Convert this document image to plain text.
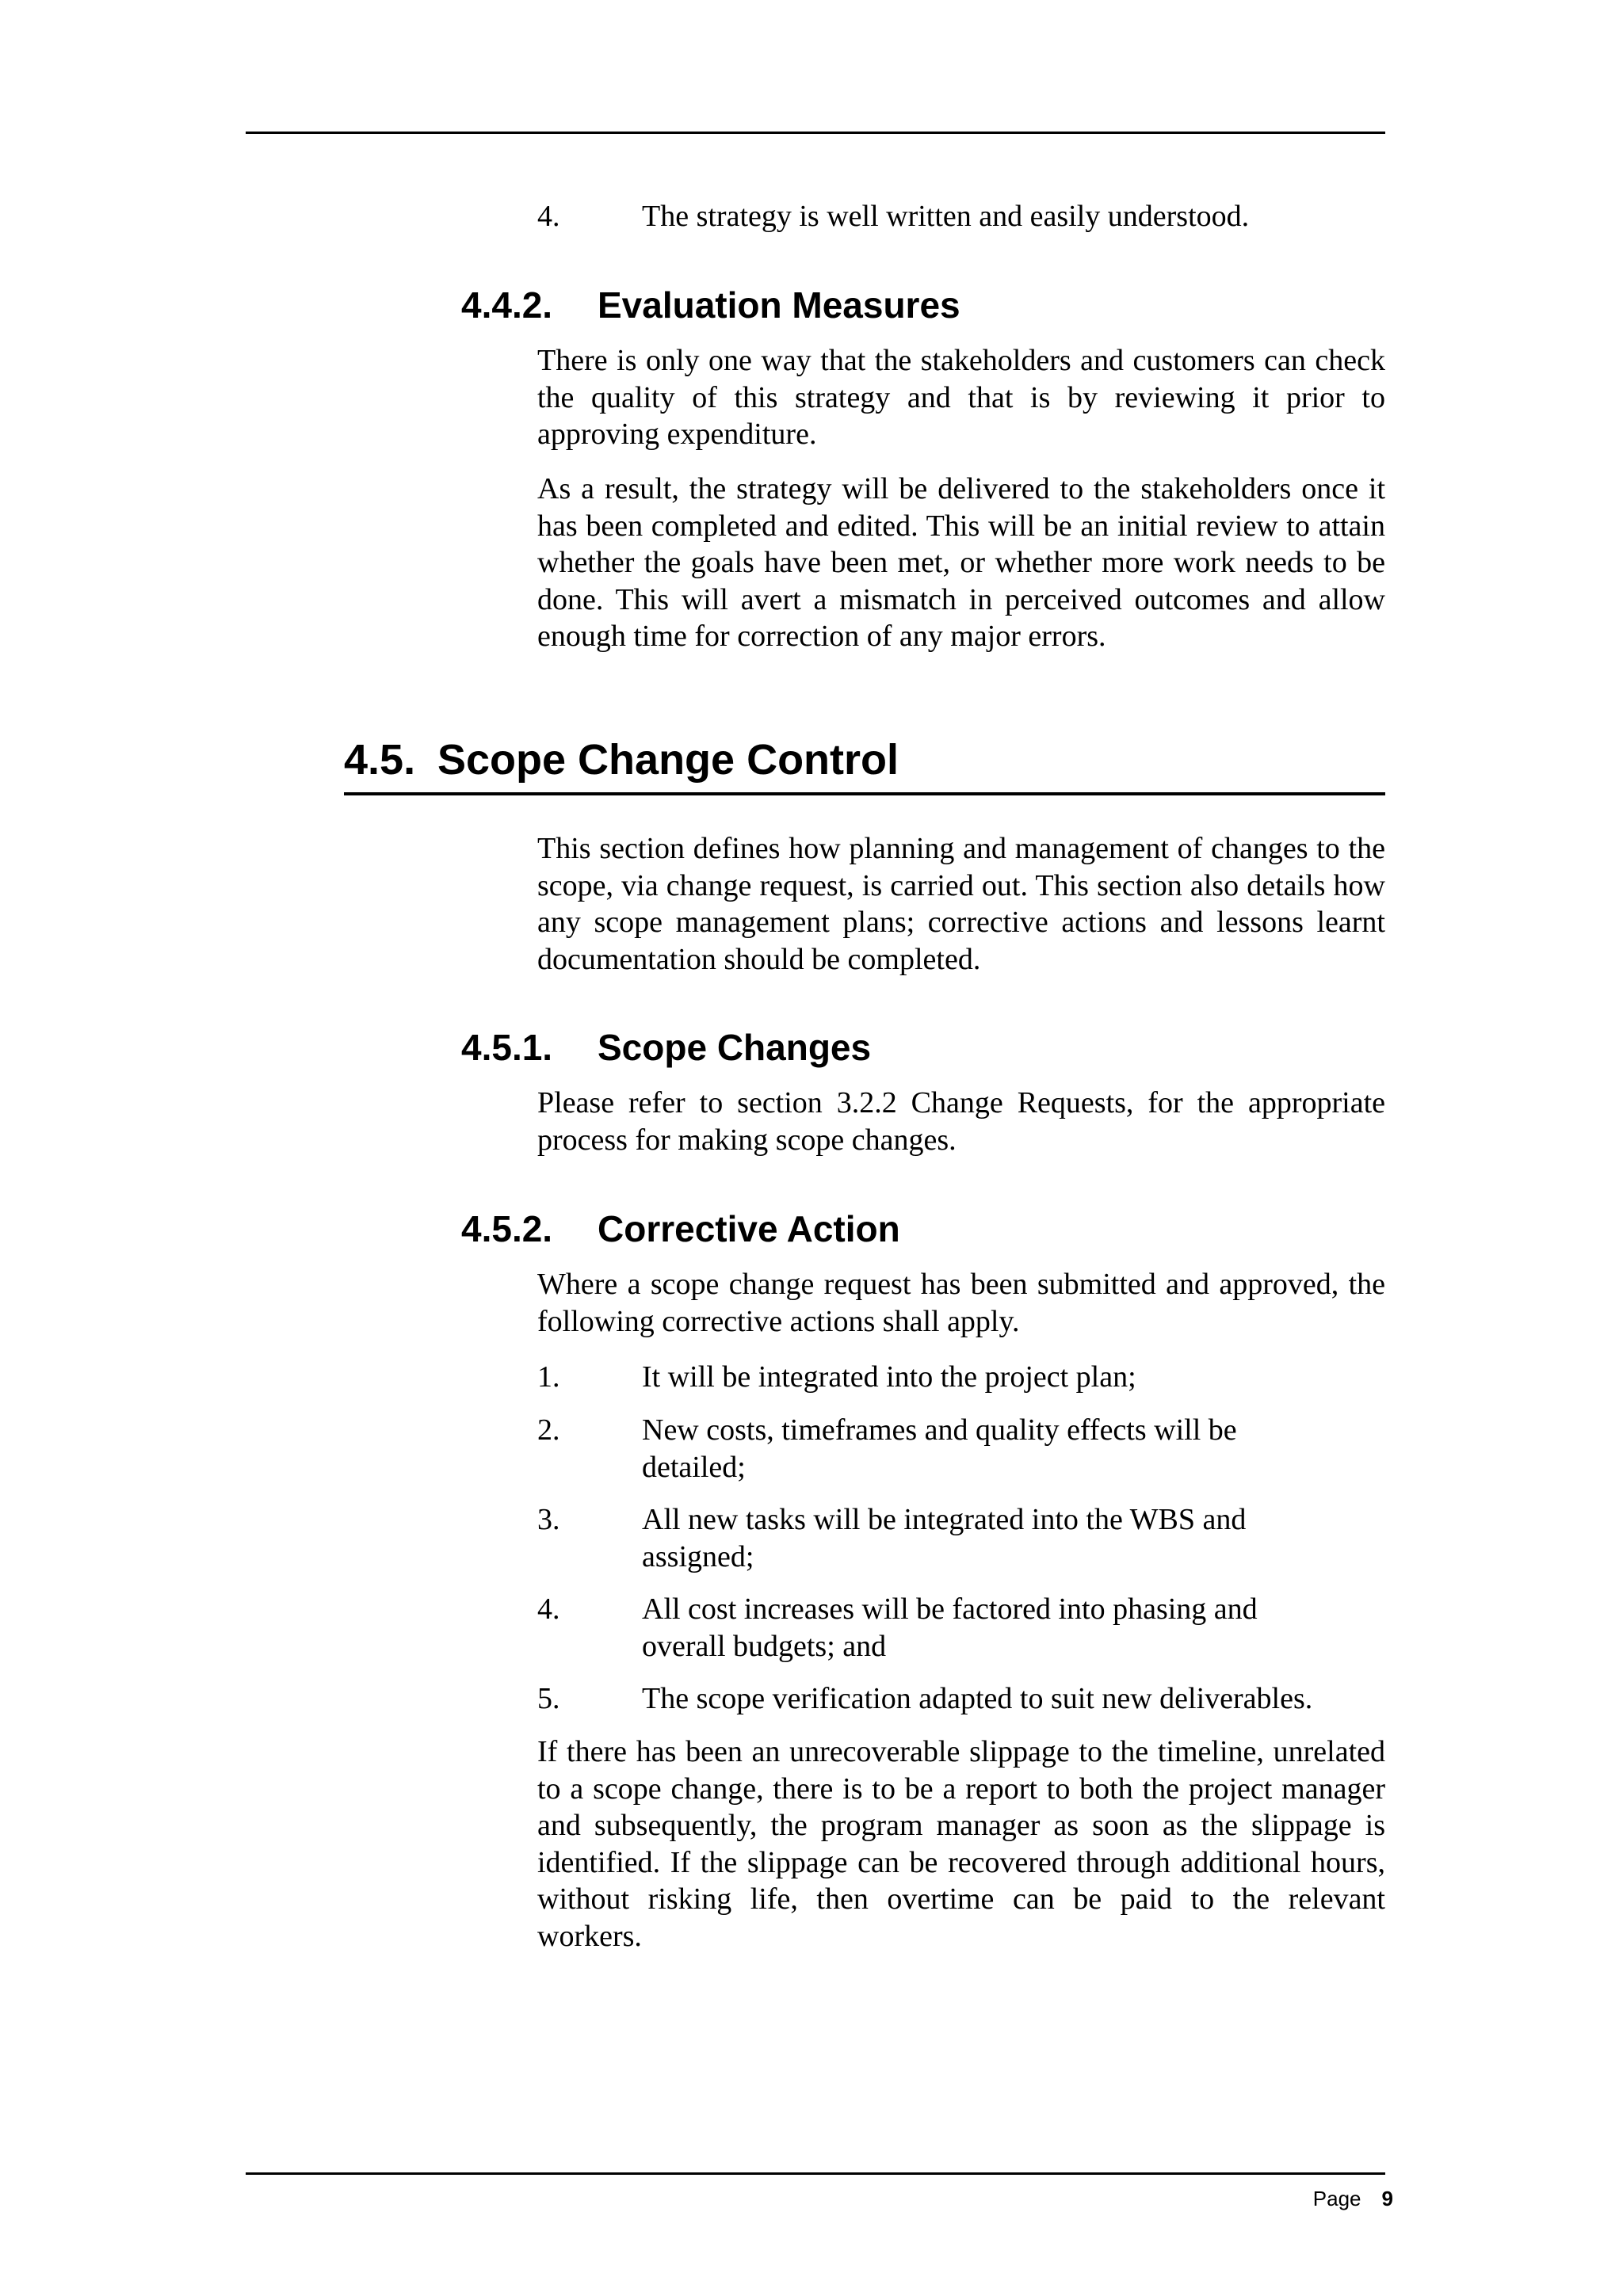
4.	The strategy is well written and easily understood.
4.4.2. Evaluation Measures

There is only one way that the stakeholders and customers can check the quality of this strategy and that is by reviewing it prior to approving expenditure.

As a result, the strategy will be delivered to the stakeholders once it has been completed and edited. This will be an initial review to attain whether the goals have been met, or whether more work needs to be done. This will avert a mismatch in perceived outcomes and allow enough time for correction of any major errors.

4.5. Scope Change Control

This section defines how planning and management of changes to the scope, via change request, is carried out. This section also details how any scope management plans; corrective actions and lessons learnt documentation should be completed.

4.5.1. Scope Changes

Please refer to section 3.2.2 Change Requests, for the appropriate process for making scope changes.

4.5.2. Corrective Action

Where a scope change request has been submitted and approved, the following corrective actions shall apply.

1.	It will be integrated into the project plan;
2.	New costs, timeframes and quality effects will be detailed;
3.	All new tasks will be integrated into the WBS and assigned;
4.	All cost increases will be factored into phasing and overall budgets; and
5.	The scope verification adapted to suit new deliverables.

If there has been an unrecoverable slippage to the timeline, unrelated to a scope change, there is to be a report to both the project manager and subsequently, the program manager as soon as the slippage is identified. If the slippage can be recovered through additional hours, without risking life, then overtime can be paid to the relevant workers.

Page 9
